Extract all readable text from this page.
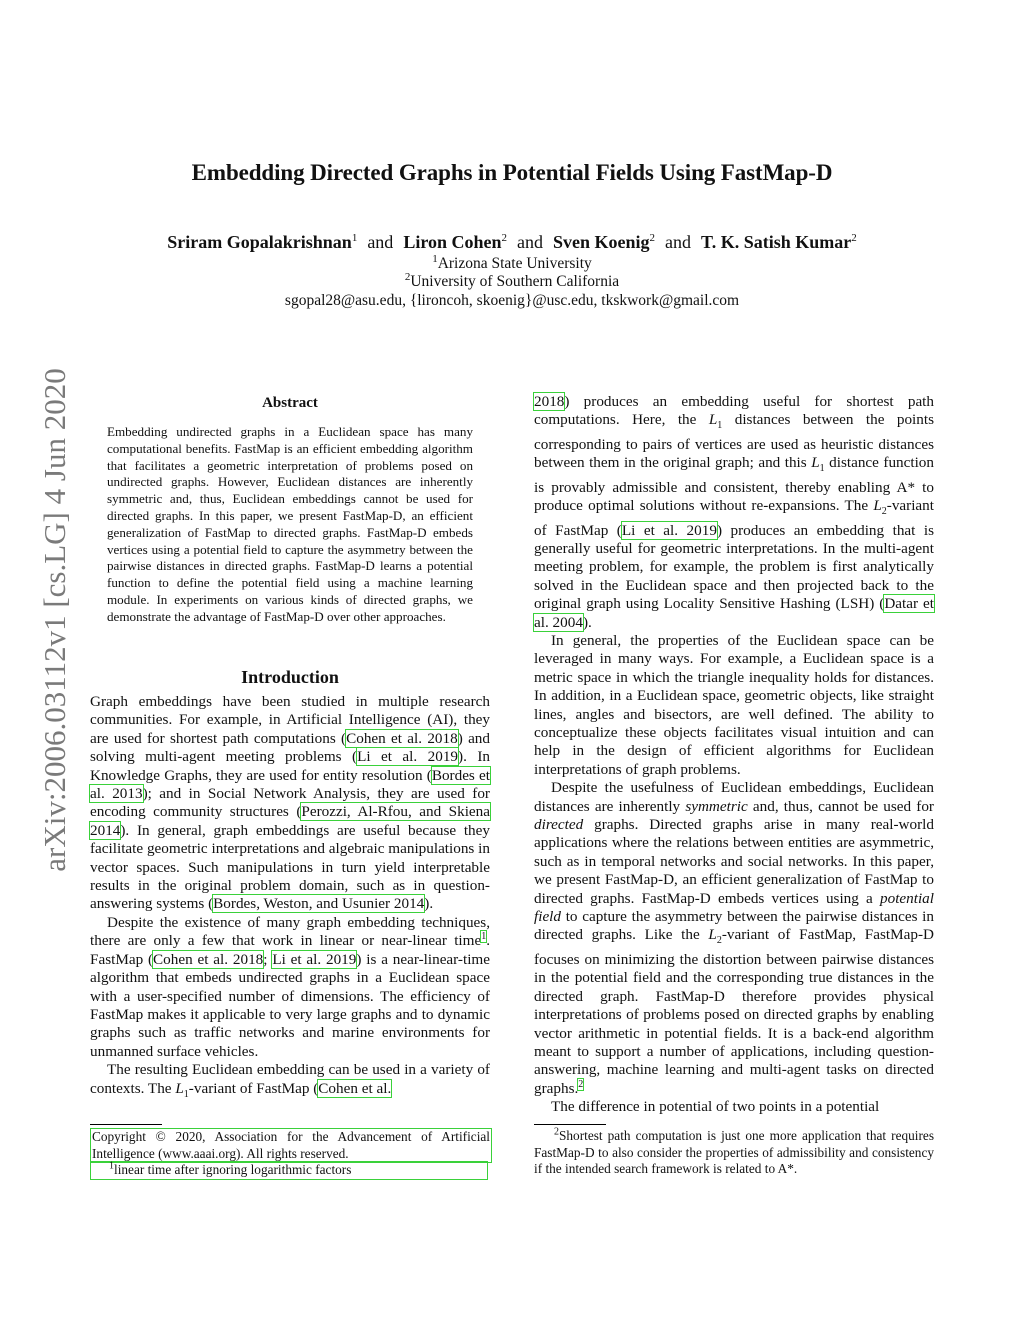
Embedding Directed Graphs in Potential Fields Using FastMap-D
Sriram Gopalakrishnan$^1$ and Liron Cohen$^2$ and Sven Koenig$^2$ and T. K. Satish Kumar$^2$
$^1$Arizona State University
$^2$University of Southern California
sgopal28@asu.edu, {lironcoh, skoenig}@usc.edu, tkskwork@gmail.com
arXiv:2006.03112v1 [cs.LG] 4 Jun 2020	Abstract
Embedding undirected graphs in a Euclidean space has many computational benefits. FastMap is an efficient embedding algorithm that facilitates a geometric interpretation of problems posed on undirected graphs. However, Euclidean distances are inherently symmetric and, thus, Euclidean embeddings cannot be used for directed graphs. In this paper, we present FastMap-D, an efficient generalization of FastMap to directed graphs. FastMap-D embeds vertices using a potential field to capture the asymmetry between the pairwise distances in directed graphs. FastMap-D learns a potential function to define the potential field using a machine learning module. In experiments on various kinds of directed graphs, we demonstrate the advantage of FastMap-D over other approaches.
Introduction

Graph embeddings have been studied in multiple research communities. For example, in Artificial Intelligence (AI), they are used for shortest path computations (Cohen et al. 2018) and solving multi-agent meeting problems (Li et al. 2019). In Knowledge Graphs, they are used for entity resolution (Bordes et al. 2013); and in Social Network Analysis, they are used for encoding community structures (Perozzi, Al-Rfou, and Skiena 2014). In general, graph embeddings are useful because they facilitate geometric interpretations and algebraic manipulations in vector spaces. Such manipulations in turn yield interpretable results in the original problem domain, such as in question-answering systems (Bordes, Weston, and Usunier 2014).

Despite the existence of many graph embedding techniques, there are only a few that work in linear or near-linear time$^1$. FastMap (Cohen et al. 2018; Li et al. 2019) is a near-linear-time algorithm that embeds undirected graphs in a Euclidean space with a user-specified number of dimensions. The efficiency of FastMap makes it applicable to very large graphs and to dynamic graphs such as traffic networks and marine environments for unmanned surface vehicles.

The resulting Euclidean embedding can be used in a variety of contexts. The $L_1$-variant of FastMap (Cohen et al.

2018) produces an embedding useful for shortest path computations. Here, the $L_1$ distances between the points corresponding to pairs of vertices are used as heuristic distances between them in the original graph; and this $L_1$ distance function is provably admissible and consistent, thereby enabling A* to produce optimal solutions without re-expansions. The $L_2$-variant of FastMap (Li et al. 2019) produces an embedding that is generally useful for geometric interpretations. In the multi-agent meeting problem, for example, the problem is first analytically solved in the Euclidean space and then projected back to the original graph using Locality Sensitive Hashing (LSH) (Datar et al. 2004).

In general, the properties of the Euclidean space can be leveraged in many ways. For example, a Euclidean space is a metric space in which the triangle inequality holds for distances. In addition, in a Euclidean space, geometric objects, like straight lines, angles and bisectors, are well defined. The ability to conceptualize these objects facilitates visual intuition and can help in the design of efficient algorithms for Euclidean interpretations of graph problems.

Despite the usefulness of Euclidean embeddings, Euclidean distances are inherently symmetric and, thus, cannot be used for directed graphs. Directed graphs arise in many real-world applications where the relations between entities are asymmetric, such as in temporal networks and social networks. In this paper, we present FastMap-D, an efficient generalization of FastMap to directed graphs. FastMap-D embeds vertices using a potential field to capture the asymmetry between the pairwise distances in directed graphs. Like the $L_2$-variant of FastMap, FastMap-D focuses on minimizing the distortion between pairwise distances in the potential field and the corresponding true distances in the directed graph. FastMap-D therefore provides physical interpretations of problems posed on directed graphs by enabling vector arithmetic in potential fields. It is a back-end algorithm meant to support a number of applications, including question-answering, machine learning and multi-agent tasks on directed graphs.$^2$

The difference in potential of two points in a potential

Copyright © 2020, Association for the Advancement of Artificial Intelligence (www.aaai.org). All rights reserved.
$^1$linear time after ignoring logarithmic factors
$^2$Shortest path computation is just one more application that requires FastMap-D to also consider the properties of admissibility and consistency if the intended search framework is related to A*.
